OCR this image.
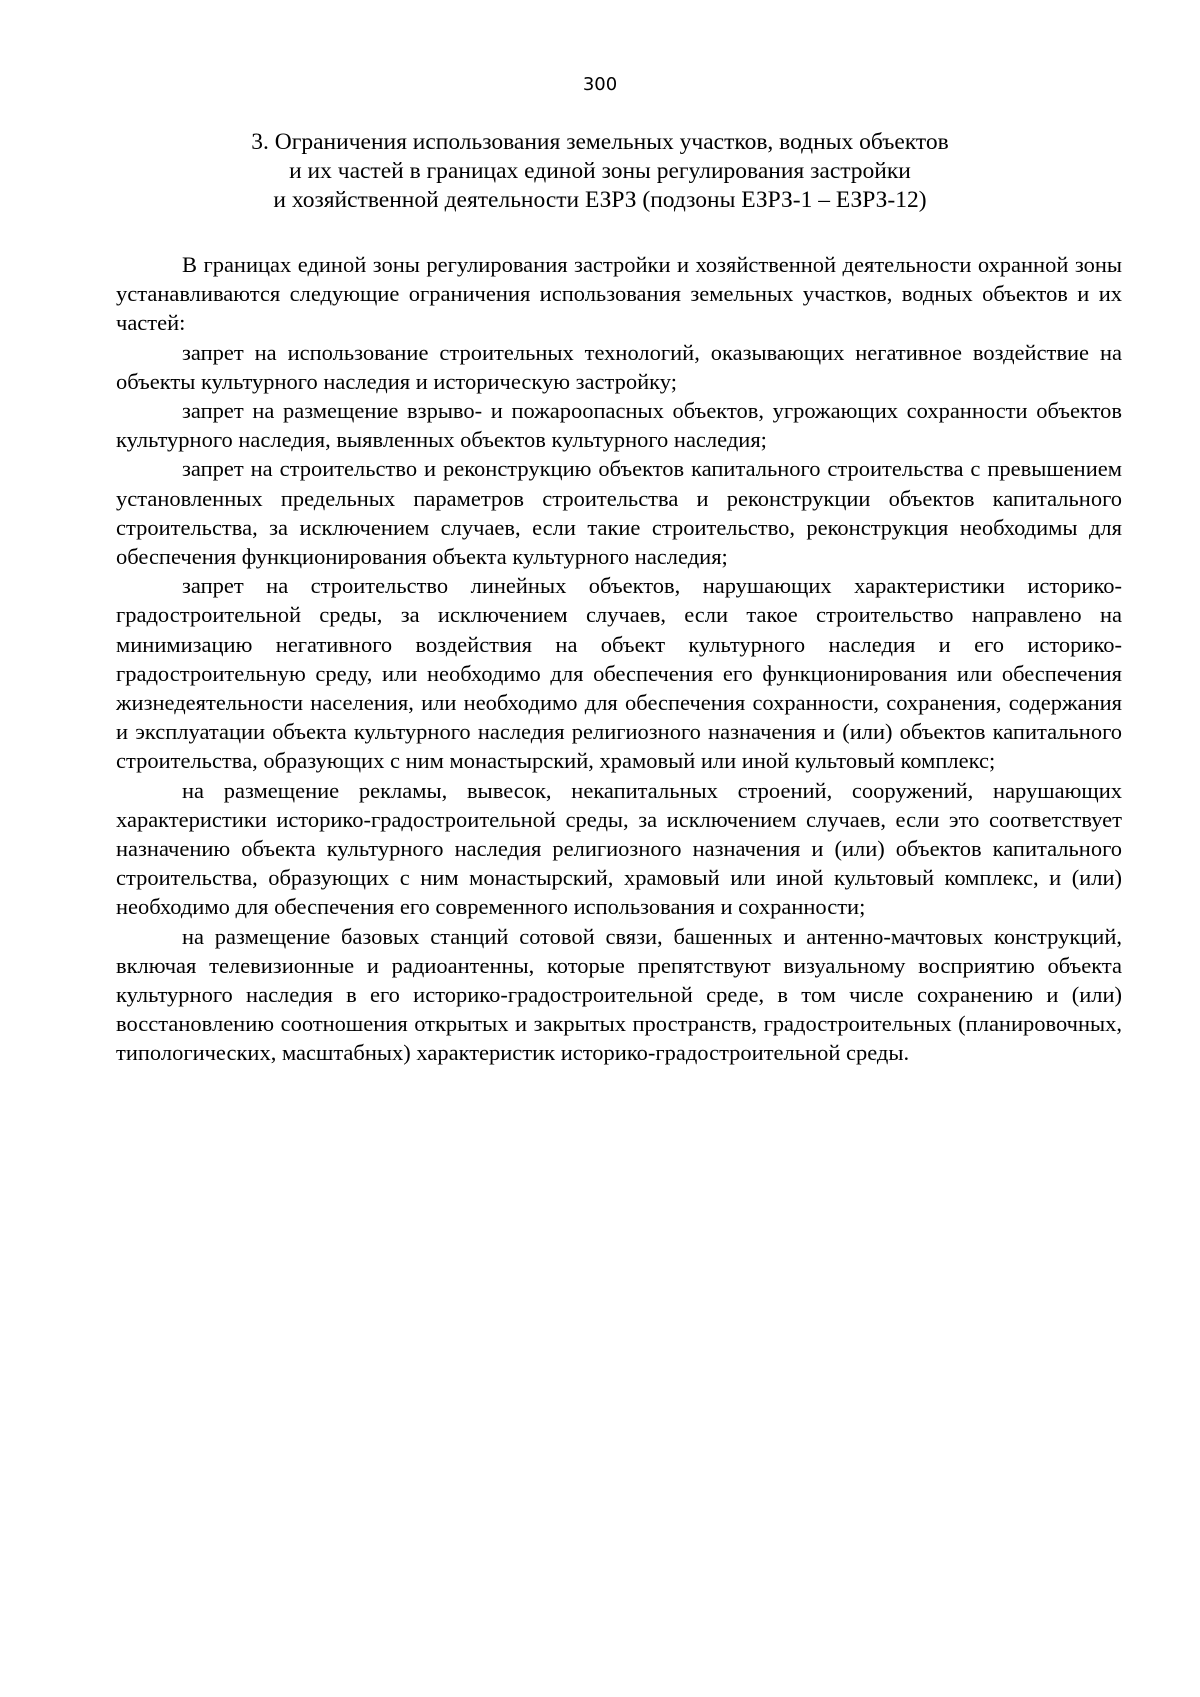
300
3. Ограничения использования земельных участков, водных объектов
и их частей в границах единой зоны регулирования застройки
и хозяйственной деятельности ЕЗРЗ (подзоны ЕЗРЗ-1 – ЕЗРЗ-12)

В границах единой зоны регулирования застройки и хозяйственной деятельности охранной зоны устанавливаются следующие ограничения использования земельных участков, водных объектов и их частей:

запрет на использование строительных технологий, оказывающих негативное воздействие на объекты культурного наследия и историческую застройку;

запрет на размещение взрыво- и пожароопасных объектов, угрожающих сохранности объектов культурного наследия, выявленных объектов культурного наследия;

запрет на строительство и реконструкцию объектов капитального строительства с превышением установленных предельных параметров строительства и реконструкции объектов капитального строительства, за исключением случаев, если такие строительство, реконструкция необходимы для обеспечения функционирования объекта культурного наследия;

запрет на строительство линейных объектов, нарушающих характеристики историко-градостроительной среды, за исключением случаев, если такое строительство направлено на минимизацию негативного воздействия на объект культурного наследия и его историко-градостроительную среду, или необходимо для обеспечения его функционирования или обеспечения жизнедеятельности населения, или необходимо для обеспечения сохранности, сохранения, содержания и эксплуатации объекта культурного наследия религиозного назначения и (или) объектов капитального строительства, образующих с ним монастырский, храмовый или иной культовый комплекс;

на размещение рекламы, вывесок, некапитальных строений, сооружений, нарушающих характеристики историко-градостроительной среды, за исключением случаев, если это соответствует назначению объекта культурного наследия религиозного назначения и (или) объектов капитального строительства, образующих с ним монастырский, храмовый или иной культовый комплекс, и (или) необходимо для обеспечения его современного использования и сохранности;

на размещение базовых станций сотовой связи, башенных и антенно-мачтовых конструкций, включая телевизионные и радиоантенны, которые препятствуют визуальному восприятию объекта культурного наследия в его историко-градостроительной среде, в том числе сохранению и (или) восстановлению соотношения открытых и закрытых пространств, градостроительных (планировочных, типологических, масштабных) характеристик историко-градостроительной среды.
